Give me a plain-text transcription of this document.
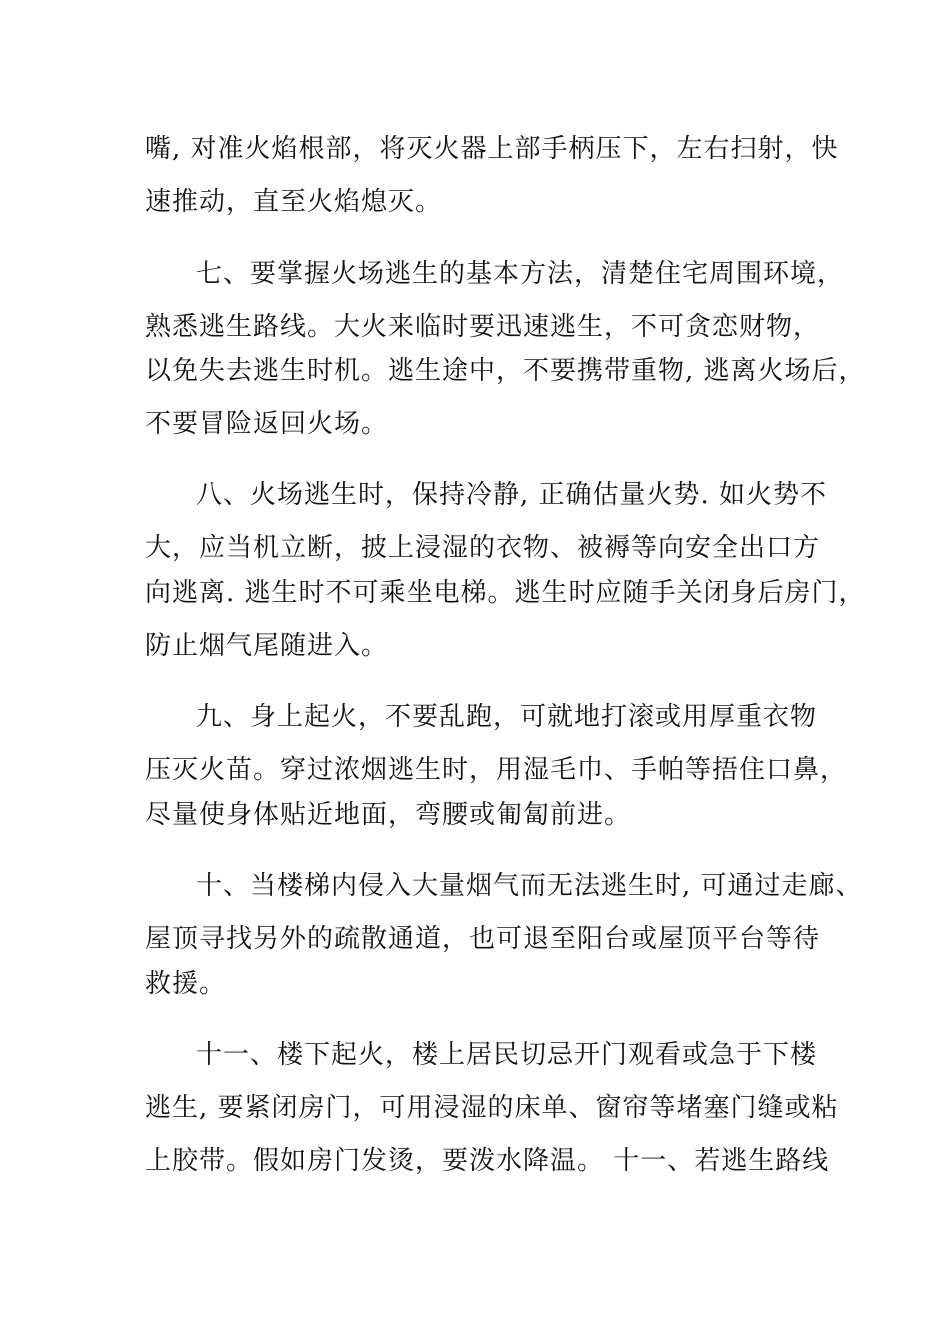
嘴, 对准火焰根部，将灭火器上部手柄压下，左右扫射，快
速推动，直至火焰熄灭。
七、要掌握火场逃生的基本方法，清楚住宅周围环境，
熟悉逃生路线。大火来临时要迅速逃生，不可贪恋财物，
以免失去逃生时机。逃生途中，不要携带重物, 逃离火场后，
不要冒险返回火场。
八、火场逃生时，保持冷静, 正确估量火势. 如火势不
大，应当机立断，披上浸湿的衣物、被褥等向安全出口方
向逃离. 逃生时不可乘坐电梯。逃生时应随手关闭身后房门，
防止烟气尾随进入。
九、身上起火，不要乱跑，可就地打滚或用厚重衣物
压灭火苗。穿过浓烟逃生时，用湿毛巾、手帕等捂住口鼻，
尽量使身体贴近地面，弯腰或匍匐前进。
十、当楼梯内侵入大量烟气而无法逃生时, 可通过走廊、
屋顶寻找另外的疏散通道，也可退至阳台或屋顶平台等待
救援。
十一、楼下起火，楼上居民切忌开门观看或急于下楼
逃生, 要紧闭房门，可用浸湿的床单、窗帘等堵塞门缝或粘
上胶带。假如房门发烫，要泼水降温。 十一、若逃生路线
